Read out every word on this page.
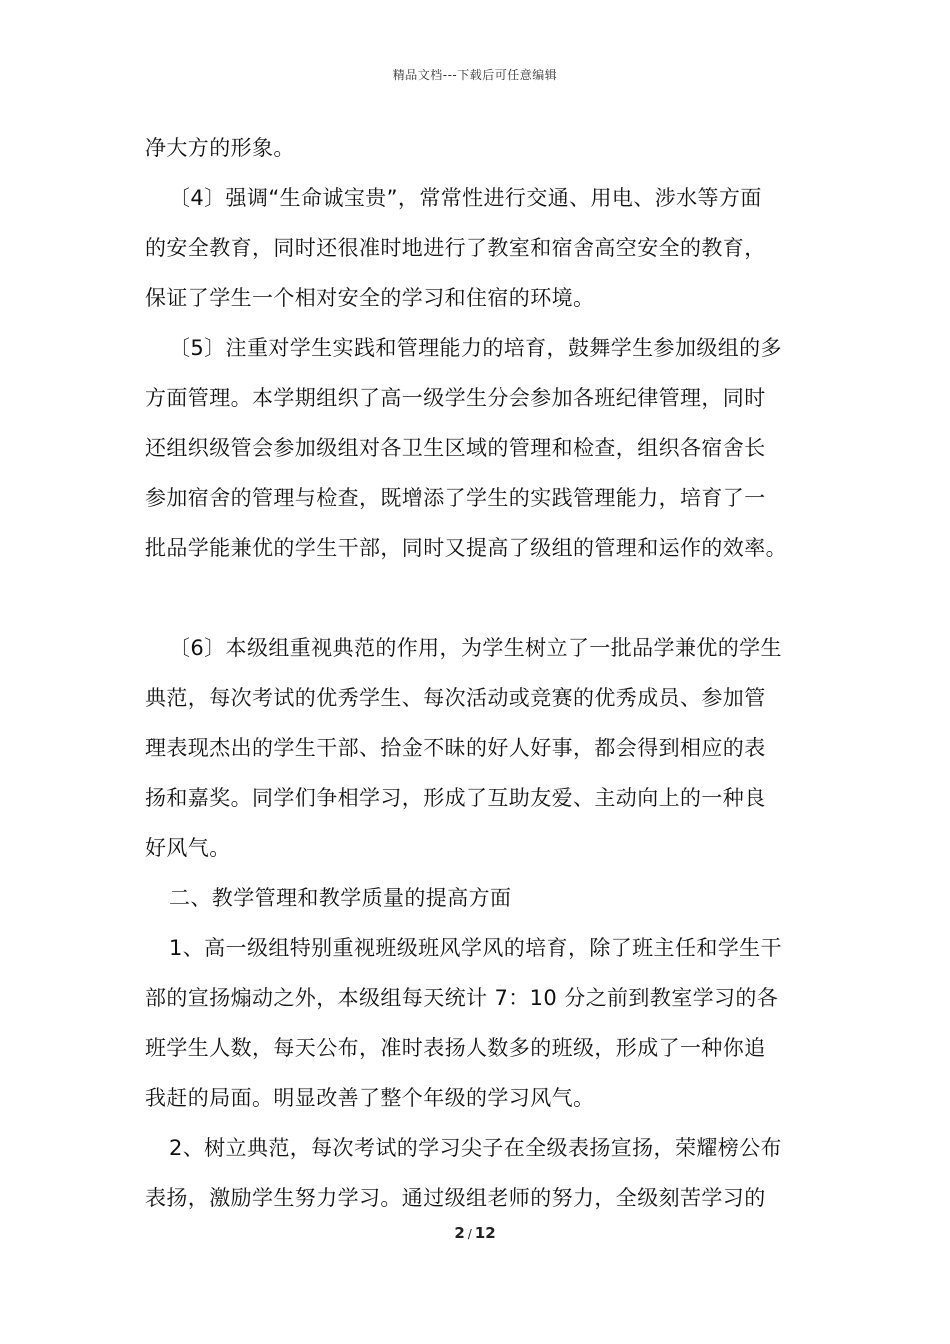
精品文档---下载后可任意编辑
净大方的形象。
〔4〕强调“生命诚宝贵”，常常性进行交通、用电、涉水等方面
的安全教育，同时还很准时地进行了教室和宿舍高空安全的教育，
保证了学生一个相对安全的学习和住宿的环境。
〔5〕注重对学生实践和管理能力的培育，鼓舞学生参加级组的多
方面管理。本学期组织了高一级学生分会参加各班纪律管理，同时
还组织级管会参加级组对各卫生区域的管理和检查，组织各宿舍长
参加宿舍的管理与检查，既增添了学生的实践管理能力，培育了一
批品学能兼优的学生干部，同时又提高了级组的管理和运作的效率。
〔6〕本级组重视典范的作用，为学生树立了一批品学兼优的学生
典范，每次考试的优秀学生、每次活动或竞赛的优秀成员、参加管
理表现杰出的学生干部、拾金不昧的好人好事，都会得到相应的表
扬和嘉奖。同学们争相学习，形成了互助友爱、主动向上的一种良
好风气。
二、教学管理和教学质量的提高方面
1、高一级组特别重视班级班风学风的培育，除了班主任和学生干
部的宣扬煽动之外，本级组每天统计 7：10 分之前到教室学习的各
班学生人数，每天公布，准时表扬人数多的班级，形成了一种你追
我赶的局面。明显改善了整个年级的学习风气。
2、树立典范，每次考试的学习尖子在全级表扬宣扬，荣耀榜公布
表扬，激励学生努力学习。通过级组老师的努力，全级刻苦学习的
2 / 12
